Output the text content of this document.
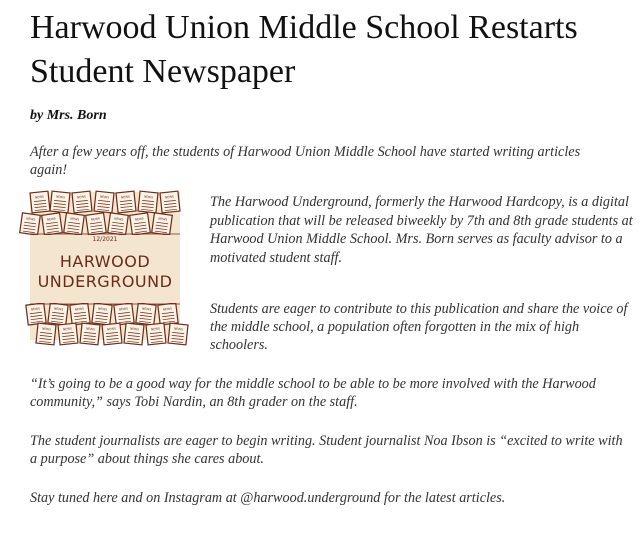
Harwood Union Middle School Restarts Student Newspaper
by Mrs. Born

After a few years off, the students of Harwood Union Middle School have started writing articles again!

NEWS	NEWS	NEWS	NEWS	NEWS	NEWS	NEWS
NEWS	NEWS	NEWS	NEWS	NEWS	NEWS	NEWS
NEWS	NEWS	NEWS	NEWS	NEWS	NEWS	NEWS
NEWS	NEWS	NEWS	NEWS	NEWS	NEWS	NEWS
12/2021
HARWOOD
UNDERGROUND

The Harwood Underground, formerly the Harwood Hardcopy, is a digital publication that will be released biweekly by 7th and 8th grade students at Harwood Union Middle School. Mrs. Born serves as faculty advisor to a motivated student staff.

Students are eager to contribute to this publication and share the voice of the middle school, a population often forgotten in the mix of high schoolers.

“It’s going to be a good way for the middle school to be able to be more involved with the Harwood community,” says Tobi Nardin, an 8th grader on the staff.

The student journalists are eager to begin writing. Student journalist Noa Ibson is “excited to write with a purpose” about things she cares about.

Stay tuned here and on Instagram at @harwood.underground for the latest articles.
